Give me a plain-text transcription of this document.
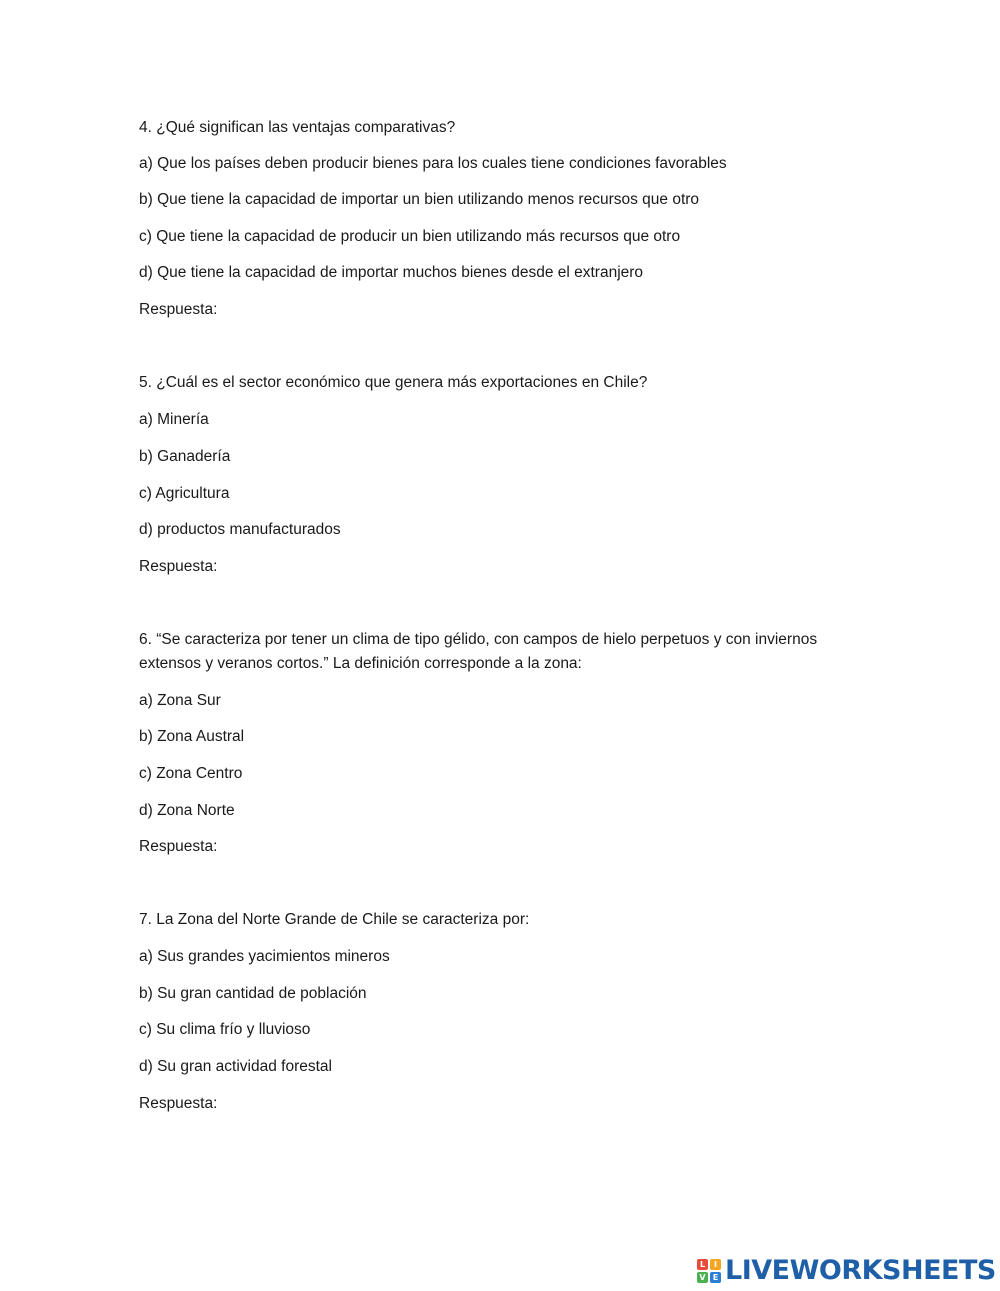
4. ¿Qué significan las ventajas comparativas?
a) Que los países deben producir bienes para los cuales tiene condiciones favorables
b) Que tiene la capacidad de importar un bien utilizando menos recursos que otro
c) Que tiene la capacidad de producir un bien utilizando más recursos que otro
d) Que tiene la capacidad de importar muchos bienes desde el extranjero
Respuesta:
5. ¿Cuál es el sector económico que genera más exportaciones en Chile?
a) Minería
b) Ganadería
c) Agricultura
d) productos manufacturados
Respuesta:
6. “Se caracteriza por tener un clima de tipo gélido, con campos de hielo perpetuos y con inviernos
extensos y veranos cortos.” La definición corresponde a la zona:
a) Zona Sur
b) Zona Austral
c) Zona Centro
d) Zona Norte
Respuesta:
7. La Zona del Norte Grande de Chile se caracteriza por:
a) Sus grandes yacimientos mineros
b) Su gran cantidad de población
c) Su clima frío y lluvioso
d) Su gran actividad forestal
Respuesta:
L	I
V E LIVEWORKSHEETS
